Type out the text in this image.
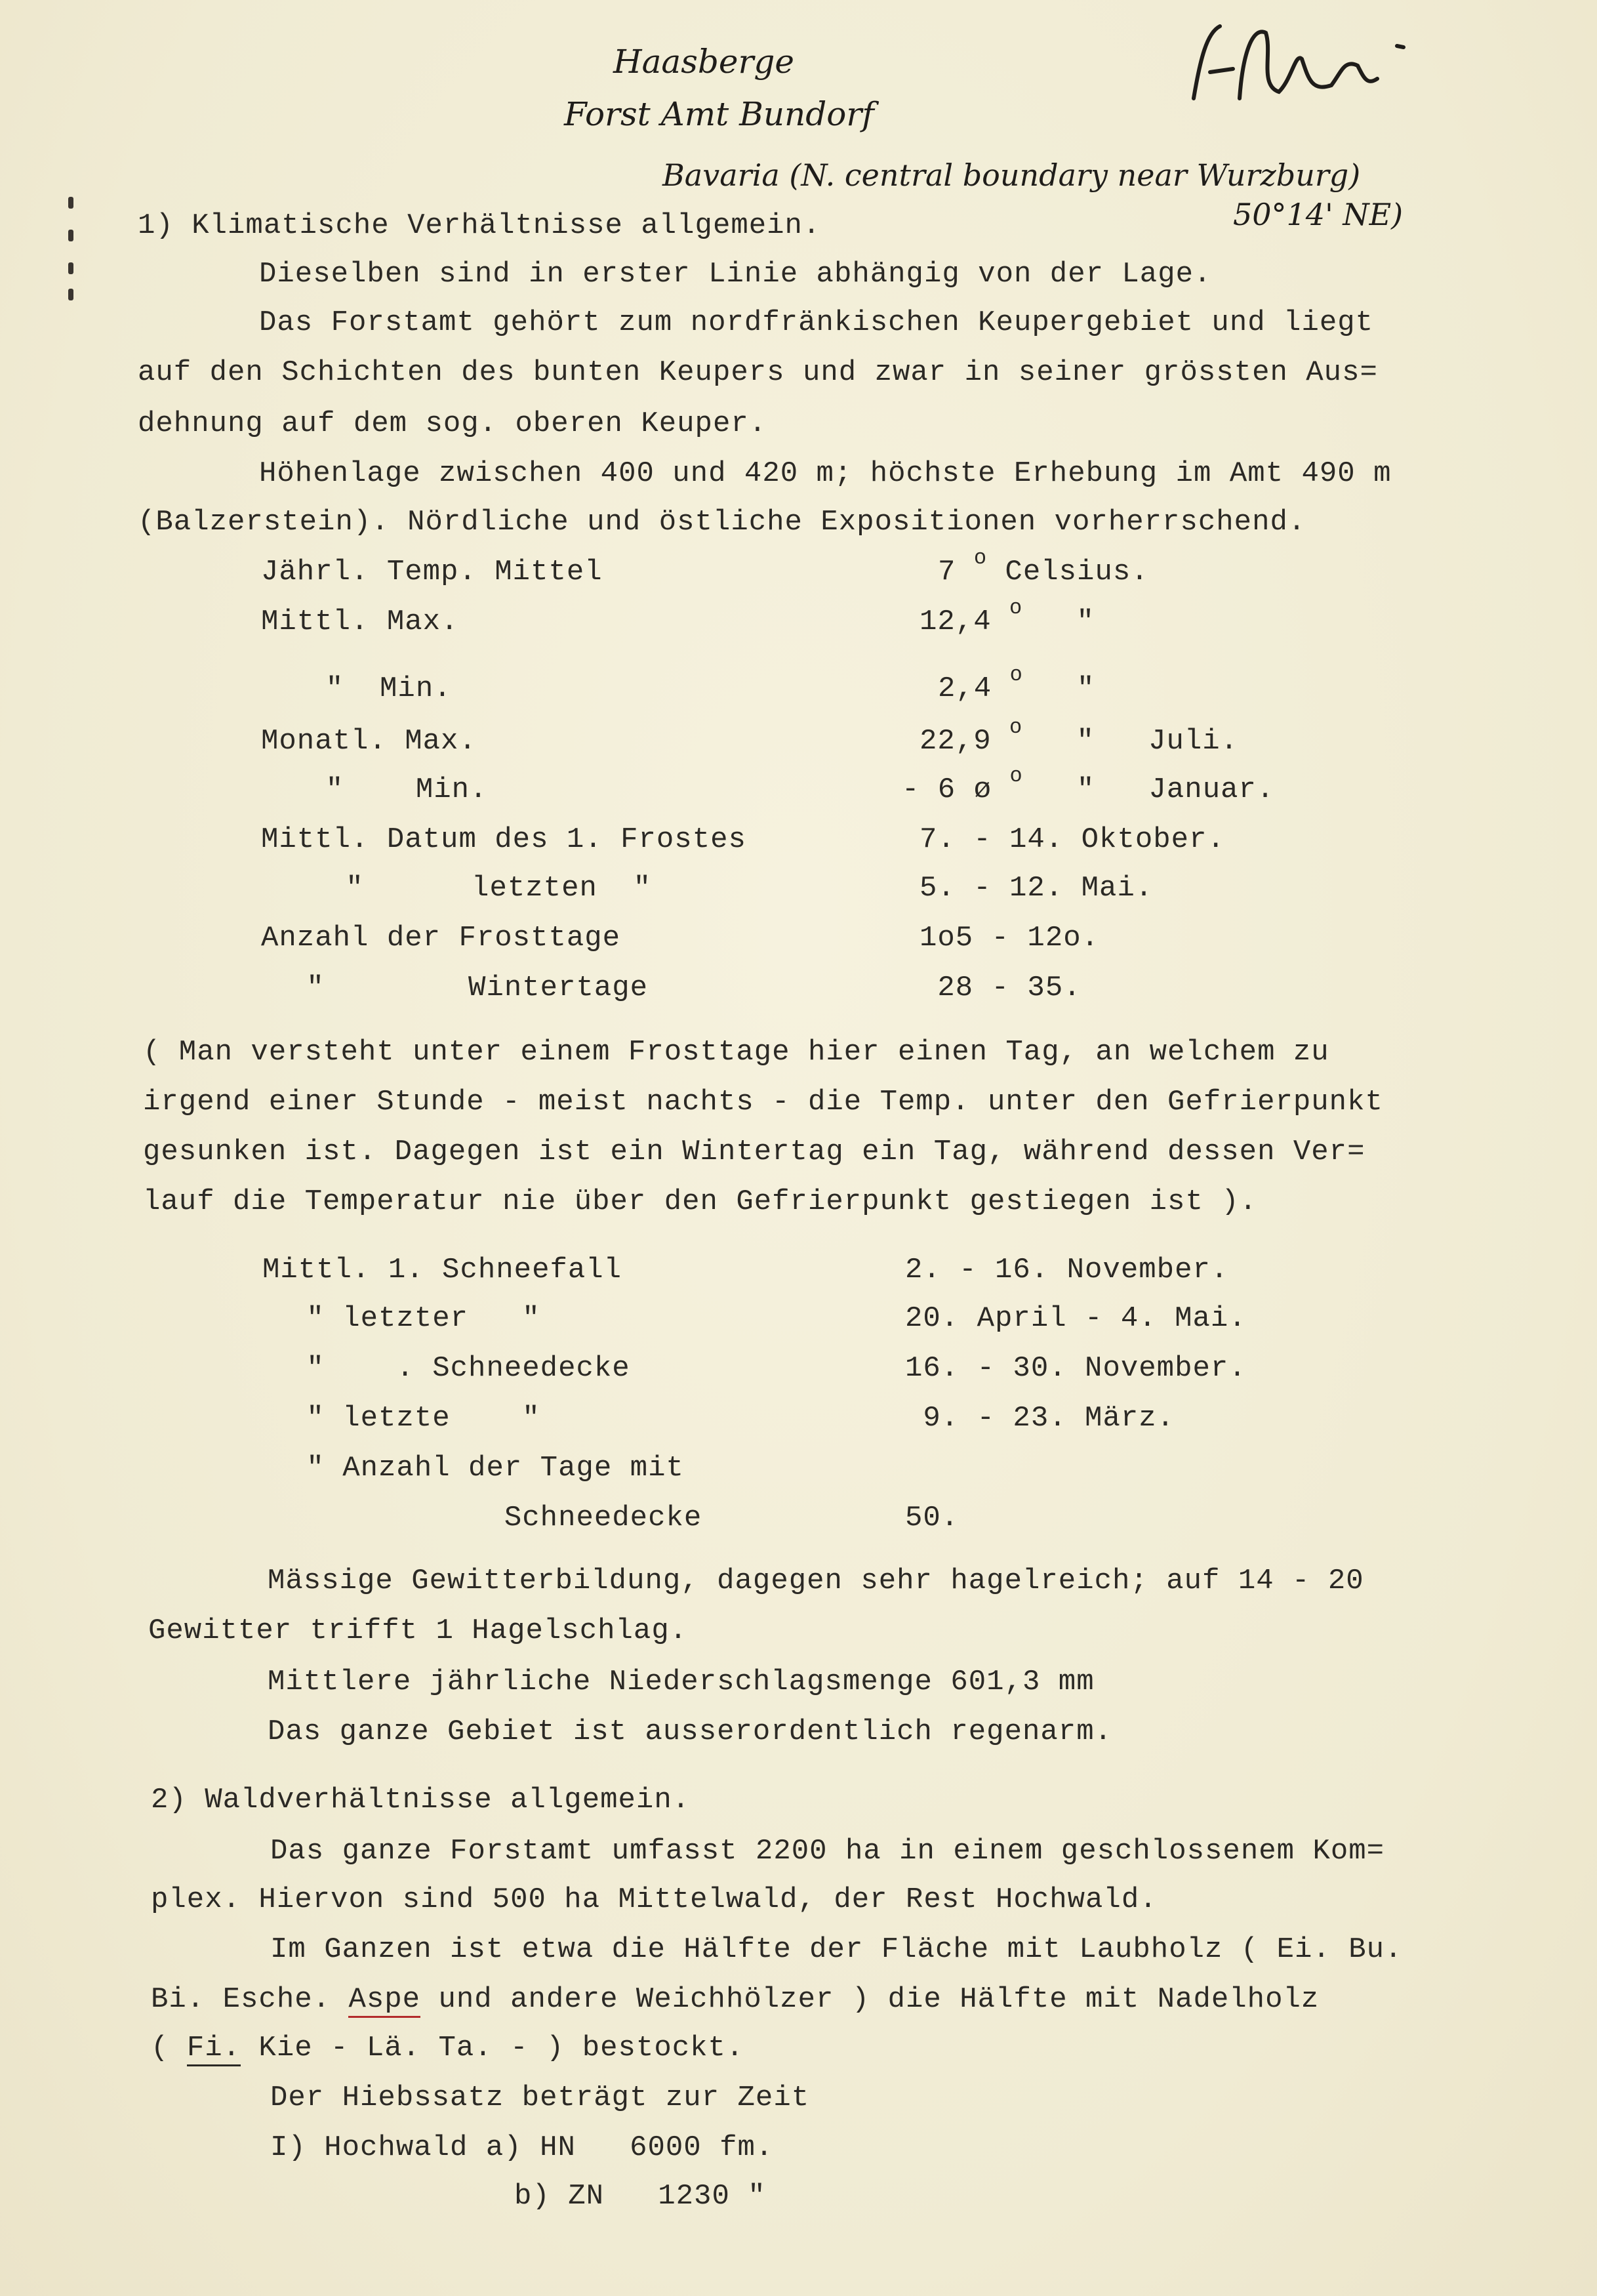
Haasberge
Forst Amt Bundorf
Bavaria (N. central boundary near Wurzburg)
50°14' NE)
1) Klimatische Verhältnisse allgemein.
Dieselben sind in erster Linie abhängig von der Lage.
Das Forstamt gehört zum nordfränkischen Keupergebiet und liegt
auf den Schichten des bunten Keupers und zwar in seiner grössten Aus=
dehnung auf dem sog. oberen Keuper.
Höhenlage zwischen 400 und 420 m; höchste Erhebung im Amt 490 m
(Balzerstein). Nördliche und östliche Expositionen vorherrschend.
Jährl. Temp. Mittel	7 $^o$ Celsius.
Mittl. Max.	12,4 $^o$ "
"  Min.	2,4 $^o$ "
Monatl. Max.	22,9 $^o$ " Juli.
"    Min.	- 6 ø $^o$ " Januar.
Mittl. Datum des 1. Frostes	7. - 14. Oktober.
"      letzten  "	5. - 12. Mai.
Anzahl der Frosttage	1o5 - 12o.
"        Wintertage	28 - 35.
( Man versteht unter einem Frosttage hier einen Tag, an welchem zu
irgend einer Stunde - meist nachts - die Temp. unter den Gefrierpunkt
gesunken ist. Dagegen ist ein Wintertag ein Tag, während dessen Ver=
lauf die Temperatur nie über den Gefrierpunkt gestiegen ist ).
Mittl. 1. Schneefall	2. - 16. November.
" letzter   "	20. April - 4. Mai.
"    . Schneedecke	16. - 30. November.
" letzte    "	9. - 23. März.
" Anzahl der Tage mit
Schneedecke	50.
Mässige Gewitterbildung, dagegen sehr hagelreich; auf 14 - 20
Gewitter trifft 1 Hagelschlag.
Mittlere jährliche Niederschlagsmenge 601,3 mm
Das ganze Gebiet ist ausserordentlich regenarm.
2) Waldverhältnisse allgemein.
Das ganze Forstamt umfasst 2200 ha in einem geschlossenem Kom=
plex. Hiervon sind 500 ha Mittelwald, der Rest Hochwald.
Im Ganzen ist etwa die Hälfte der Fläche mit Laubholz ( Ei. Bu.
Bi. Esche. Aspe und andere Weichhölzer ) die Hälfte mit Nadelholz
( Fi. Kie - Lä. Ta. - ) bestockt.
Der Hiebssatz beträgt zur Zeit
I) Hochwald a) HN   6000 fm.
b) ZN   1230 "
